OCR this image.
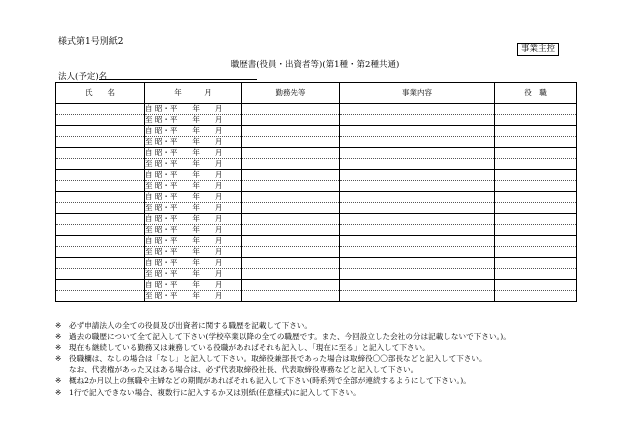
様式第1号別紙2
事業主控
職歴書(役員・出資者等)(第1種・第2種共通)
法人(予定)名
氏　　名	年　　　月	勤務先等	事業内容	役　職
	自 昭・平　　年　　月			
	至 昭・平　　年　　月			
	自 昭・平　　年　　月			
	至 昭・平　　年　　月			
	自 昭・平　　年　　月			
	至 昭・平　　年　　月			
	自 昭・平　　年　　月			
	至 昭・平　　年　　月			
	自 昭・平　　年　　月			
	至 昭・平　　年　　月			
	自 昭・平　　年　　月			
	至 昭・平　　年　　月			
	自 昭・平　　年　　月			
	至 昭・平　　年　　月			
	自 昭・平　　年　　月			
	至 昭・平　　年　　月			
	自 昭・平　　年　　月			
	至 昭・平　　年　　月			
※	必ず申請法人の全ての役員及び出資者に関する職歴を記載して下さい。
※	過去の職歴について全て記入して下さい(学校卒業以降の全ての職歴です。また、今回設立した会社の分は記載しないで下さい。)。
※	現在も継続している勤務又は兼務している役職があればそれも記入し、「現在に至る」と記入して下さい。
※	役職欄は、なしの場合は「なし」と記入して下さい。取締役兼部長であった場合は取締役〇〇部長などと記入して下さい。
なお、代表権があった又はある場合は、必ず代表取締役社長、代表取締役専務などと記入して下さい。
※	概ね2か月以上の無職や主婦などの期間があればそれも記入して下さい(時系列で全部が連続するようにして下さい。)。
※	1行で記入できない場合、複数行に記入するか又は別紙(任意様式)に記入して下さい。
